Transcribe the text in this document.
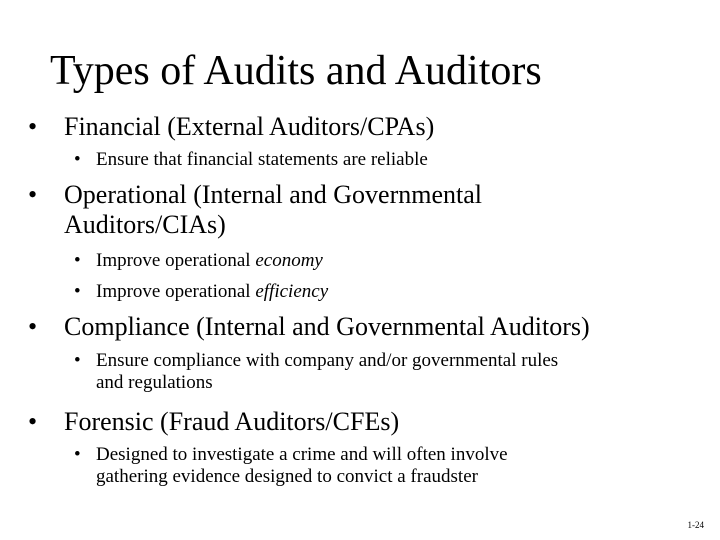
Types of Audits and Auditors
•	Financial (External Auditors/CPAs)
• Ensure that financial statements are reliable
•	Operational (Internal and Governmental
Auditors/CIAs)
• Improve operational economy
• Improve operational efficiency
•	Compliance (Internal and Governmental Auditors)
• Ensure compliance with company and/or governmental rules
and regulations
•	Forensic (Fraud Auditors/CFEs)
• Designed to investigate a crime and will often involve
gathering evidence designed to convict a fraudster
1-24
